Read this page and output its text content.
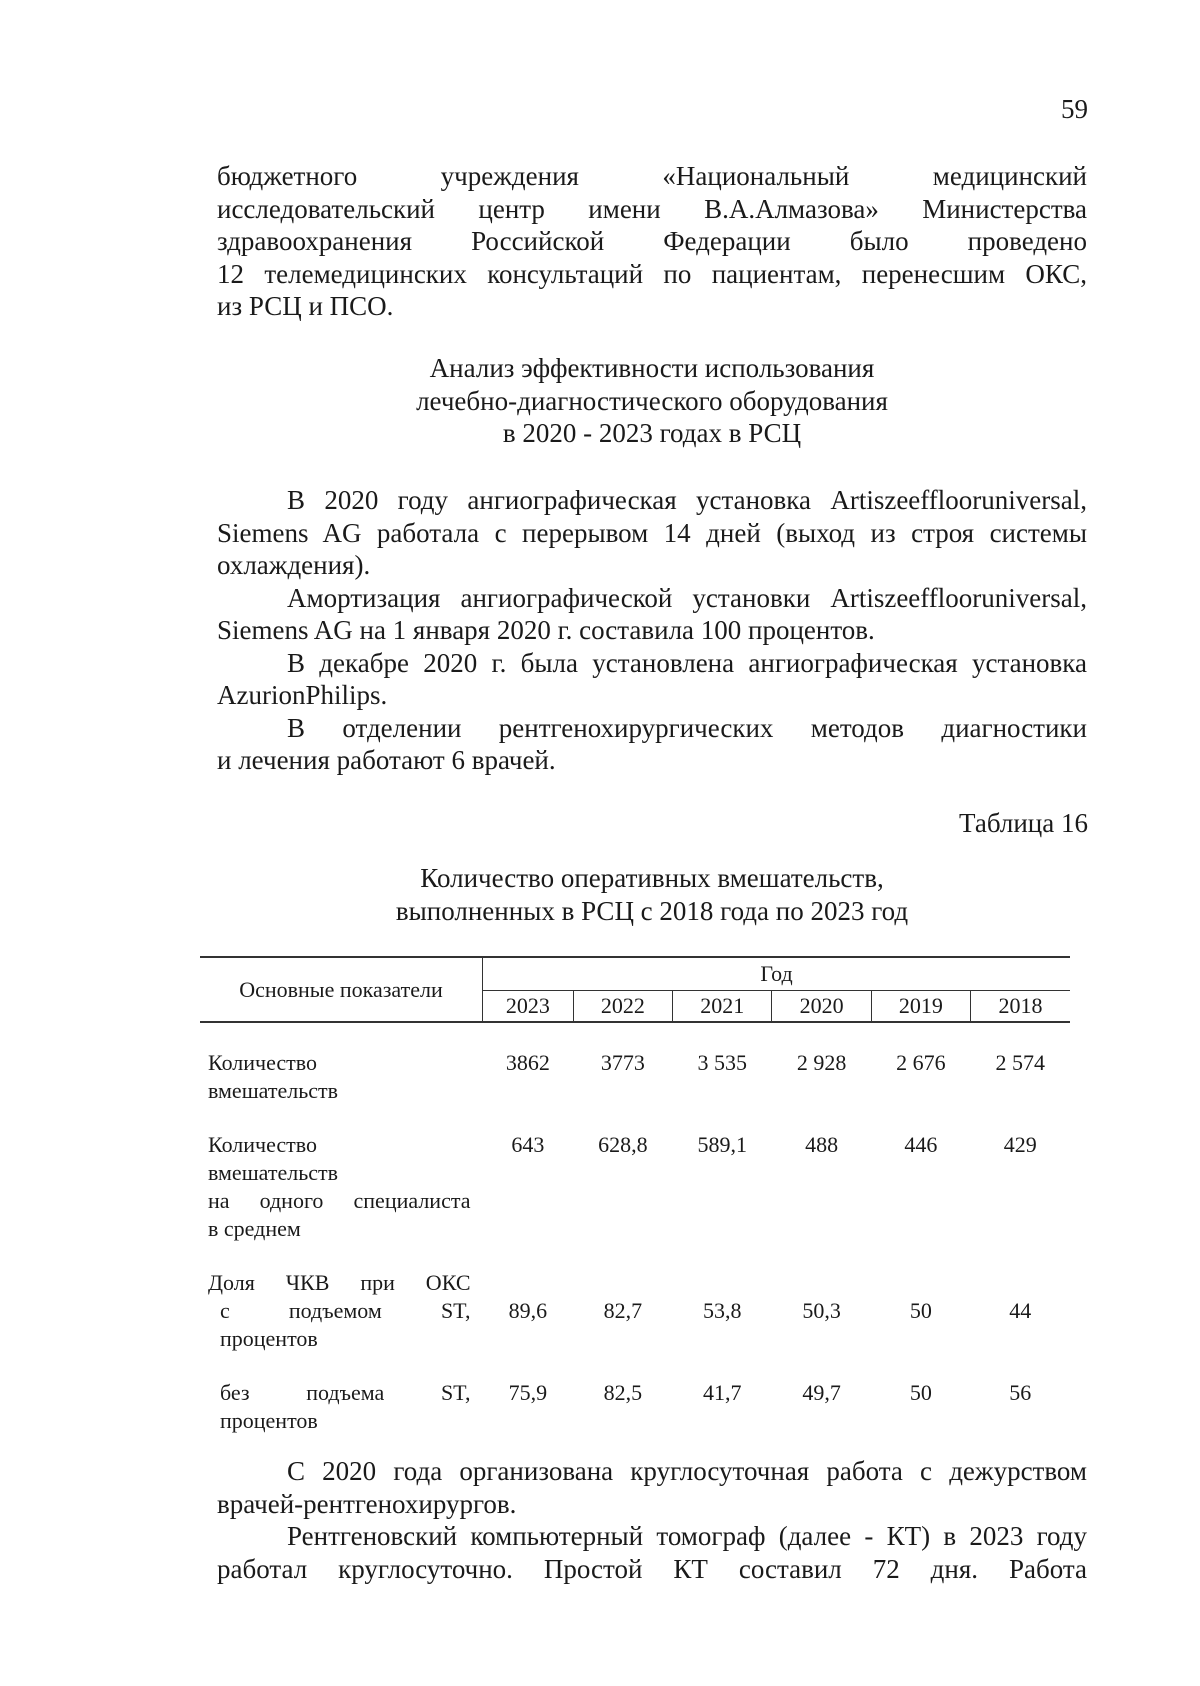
59

бюджетного учреждения «Национальный медицинский

исследовательский центр имени В.А.Алмазова» Министерства

здравоохранения Российской Федерации было проведено

12 телемедицинских консультаций по пациентам, перенесшим ОКС,

из РСЦ и ПСО.

Анализ эффективности использования

лечебно-диагностического оборудования

в 2020 - 2023 годах в РСЦ

В 2020 году ангиографическая установка Artiszeefflooruniversal,

Siemens AG работала с перерывом 14 дней (выход из строя системы

охлаждения).

Амортизация ангиографической установки Artiszeefflooruniversal,

Siemens AG на 1 января 2020 г. составила 100 процентов.

В декабре 2020 г. была установлена ангиографическая установка

AzurionPhilips.

В отделении рентгенохирургических методов диагностики

и лечения работают 6 врачей.

Таблица 16

Количество оперативных вмешательств,

выполненных в РСЦ с 2018 года по 2023 год

Основные показатели	Год					
	2023	2022	2021	2020	2019	2018

Количество
вмешательств	3862	3773	3 535	2 928	2 676	2 574

Количество
вмешательств
на одного специалиста
в среднем	643	628,8	589,1	488	446	429

Доля ЧКВ при ОКС
с подъемом ST,
процентов	89,6	82,7	53,8	50,3	50	44

без подъема ST,
процентов	75,9	82,5	41,7	49,7	50	56

С 2020 года организована круглосуточная работа с дежурством

врачей-рентгенохирургов.

Рентгеновский компьютерный томограф (далее - КТ) в 2023 году

работал круглосуточно. Простой КТ составил 72 дня. Работа
